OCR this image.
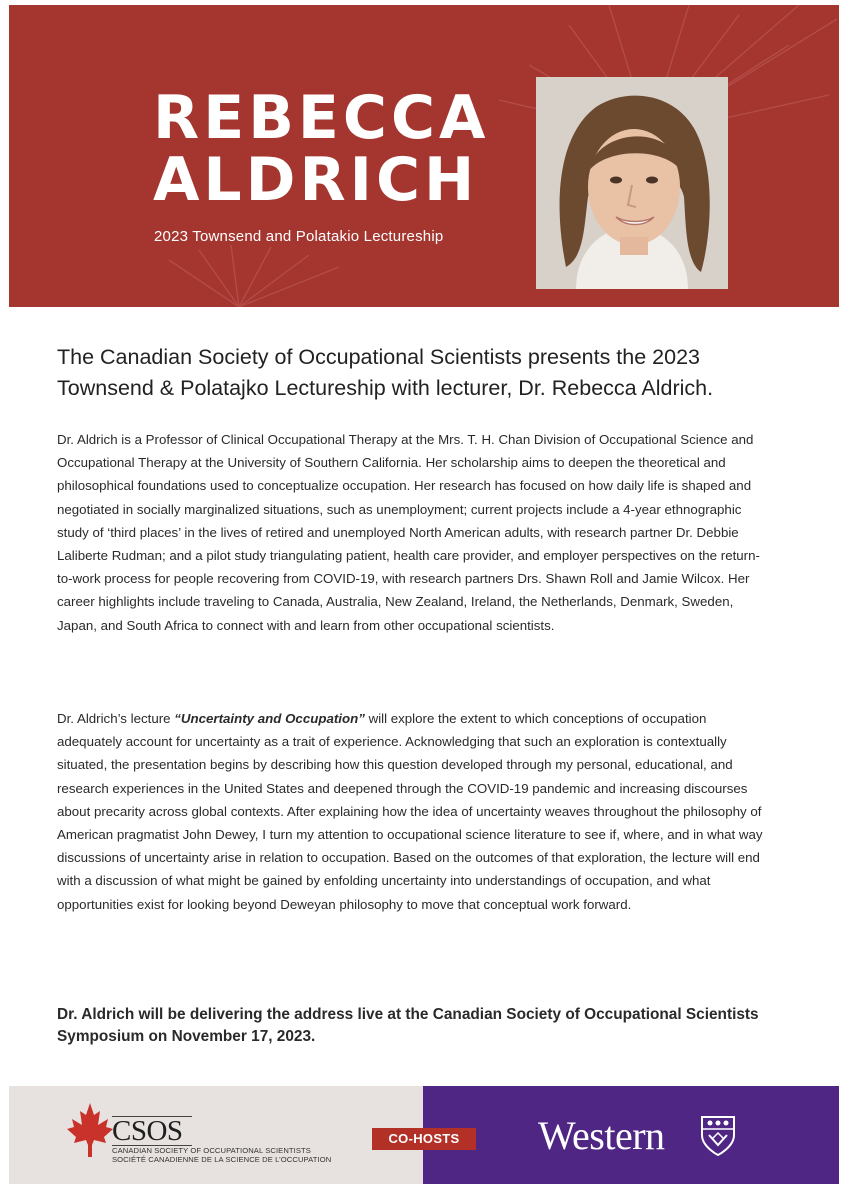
REBECCA
ALDRICH
2023 Townsend and Polatakio Lectureship
The Canadian Society of Occupational Scientists presents the 2023 Townsend & Polatajko Lectureship with lecturer, Dr. Rebecca Aldrich.

Dr. Aldrich is a Professor of Clinical Occupational Therapy at the Mrs. T. H. Chan Division of Occupational Science and Occupational Therapy at the University of Southern California. Her scholarship aims to deepen the theoretical and philosophical foundations used to conceptualize occupation. Her research has focused on how daily life is shaped and negotiated in socially marginalized situations, such as unemployment; current projects include a 4-year ethnographic study of ‘third places’ in the lives of retired and unemployed North American adults, with research partner Dr. Debbie Laliberte Rudman; and a pilot study triangulating patient, health care provider, and employer perspectives on the return-to-work process for people recovering from COVID-19, with research partners Drs. Shawn Roll and Jamie Wilcox. Her career highlights include traveling to Canada, Australia, New Zealand, Ireland, the Netherlands, Denmark, Sweden, Japan, and South Africa to connect with and learn from other occupational scientists.

Dr. Aldrich’s lecture “Uncertainty and Occupation” will explore the extent to which conceptions of occupation adequately account for uncertainty as a trait of experience. Acknowledging that such an exploration is contextually situated, the presentation begins by describing how this question developed through my personal, educational, and research experiences in the United States and deepened through the COVID-19 pandemic and increasing discourses about precarity across global contexts. After explaining how the idea of uncertainty weaves throughout the philosophy of American pragmatist John Dewey, I turn my attention to occupational science literature to see if, where, and in what way discussions of uncertainty arise in relation to occupation. Based on the outcomes of that exploration, the lecture will end with a discussion of what might be gained by enfolding uncertainty into understandings of occupation, and what opportunities exist for looking beyond Deweyan philosophy to move that conceptual work forward.

Dr. Aldrich will be delivering the address live at the Canadian Society of Occupational Scientists Symposium on November 17, 2023.

CSOS
CANADIAN SOCIETY OF OCCUPATIONAL SCIENTISTS
SOCIÉTÉ CANADIENNE DE LA SCIENCE DE L’OCCUPATION
CO-HOSTS	Western
